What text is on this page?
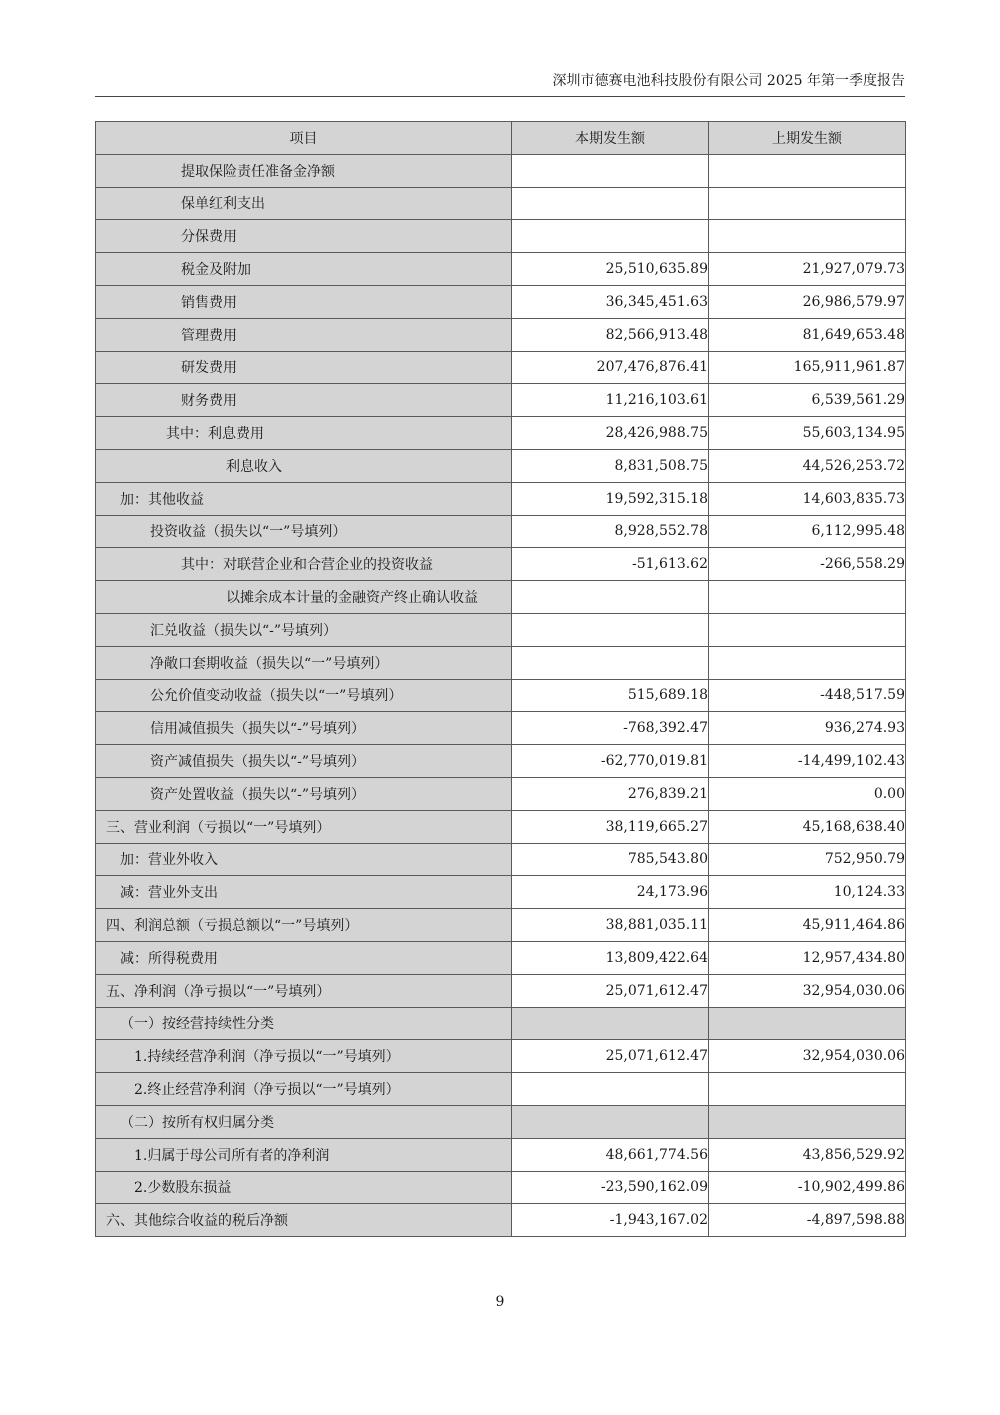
深圳市德赛电池科技股份有限公司 2025 年第一季度报告
项目	本期发生额	上期发生额
提取保险责任准备金净额		
保单红利支出		
分保费用		
税金及附加	25,510,635.89	21,927,079.73
销售费用	36,345,451.63	26,986,579.97
管理费用	82,566,913.48	81,649,653.48
研发费用	207,476,876.41	165,911,961.87
财务费用	11,216,103.61	6,539,561.29
其中：利息费用	28,426,988.75	55,603,134.95
利息收入	8,831,508.75	44,526,253.72
加：其他收益	19,592,315.18	14,603,835.73
投资收益（损失以“一”号填列）	8,928,552.78	6,112,995.48
其中：对联营企业和合营企业的投资收益	-51,613.62	-266,558.29
以摊余成本计量的金融资产终止确认收益		
汇兑收益（损失以“-”号填列）		
净敞口套期收益（损失以“一”号填列）		
公允价值变动收益（损失以“一”号填列）	515,689.18	-448,517.59
信用减值损失（损失以“-”号填列）	-768,392.47	936,274.93
资产减值损失（损失以“-”号填列）	-62,770,019.81	-14,499,102.43
资产处置收益（损失以“-”号填列）	276,839.21	0.00
三、营业利润（亏损以“一”号填列）	38,119,665.27	45,168,638.40
加：营业外收入	785,543.80	752,950.79
减：营业外支出	24,173.96	10,124.33
四、利润总额（亏损总额以“一”号填列）	38,881,035.11	45,911,464.86
减：所得税费用	13,809,422.64	12,957,434.80
五、净利润（净亏损以“一”号填列）	25,071,612.47	32,954,030.06
（一）按经营持续性分类		
1.持续经营净利润（净亏损以“一”号填列）	25,071,612.47	32,954,030.06
2.终止经营净利润（净亏损以“一”号填列）		
（二）按所有权归属分类		
1.归属于母公司所有者的净利润	48,661,774.56	43,856,529.92
2.少数股东损益	-23,590,162.09	-10,902,499.86
六、其他综合收益的税后净额	-1,943,167.02	-4,897,598.88
9
